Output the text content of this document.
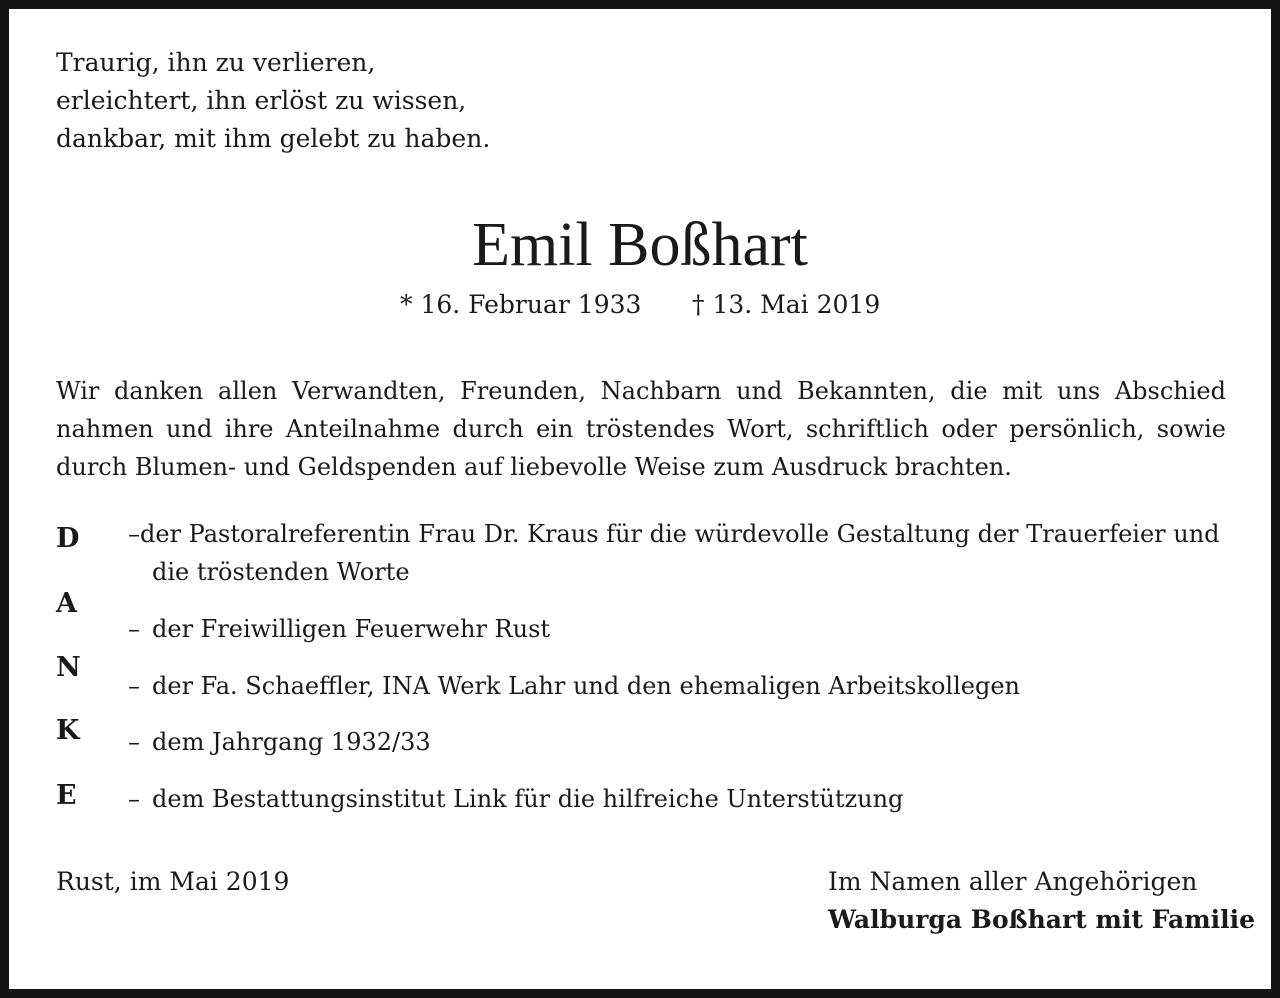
Traurig, ihn zu verlieren,
erleichtert, ihn erlöst zu wissen,
dankbar, mit ihm gelebt zu haben.
Emil Boßhart
* 16. Februar 1933 † 13. Mai 2019
Wir danken allen Verwandten, Freunden, Nachbarn und Bekannten, die mit uns Abschied nahmen und ihre Anteilnahme durch ein tröstendes Wort, schriftlich oder persönlich, sowie durch Blumen- und Geldspenden auf liebevolle Weise zum Ausdruck brachten.
D
A
N
K
E
–der Pastoralreferentin Frau Dr. Kraus für die würdevolle Gestaltung der Trauerfeier und
die tröstenden Worte
– der Freiwilligen Feuerwehr Rust
– der Fa. Schaeffler, INA Werk Lahr und den ehemaligen Arbeitskollegen
– dem Jahrgang 1932/33
– dem Bestattungsinstitut Link für die hilfreiche Unterstützung
Rust, im Mai 2019	Im Namen aller Angehörigen
Walburga Boßhart mit Familie
